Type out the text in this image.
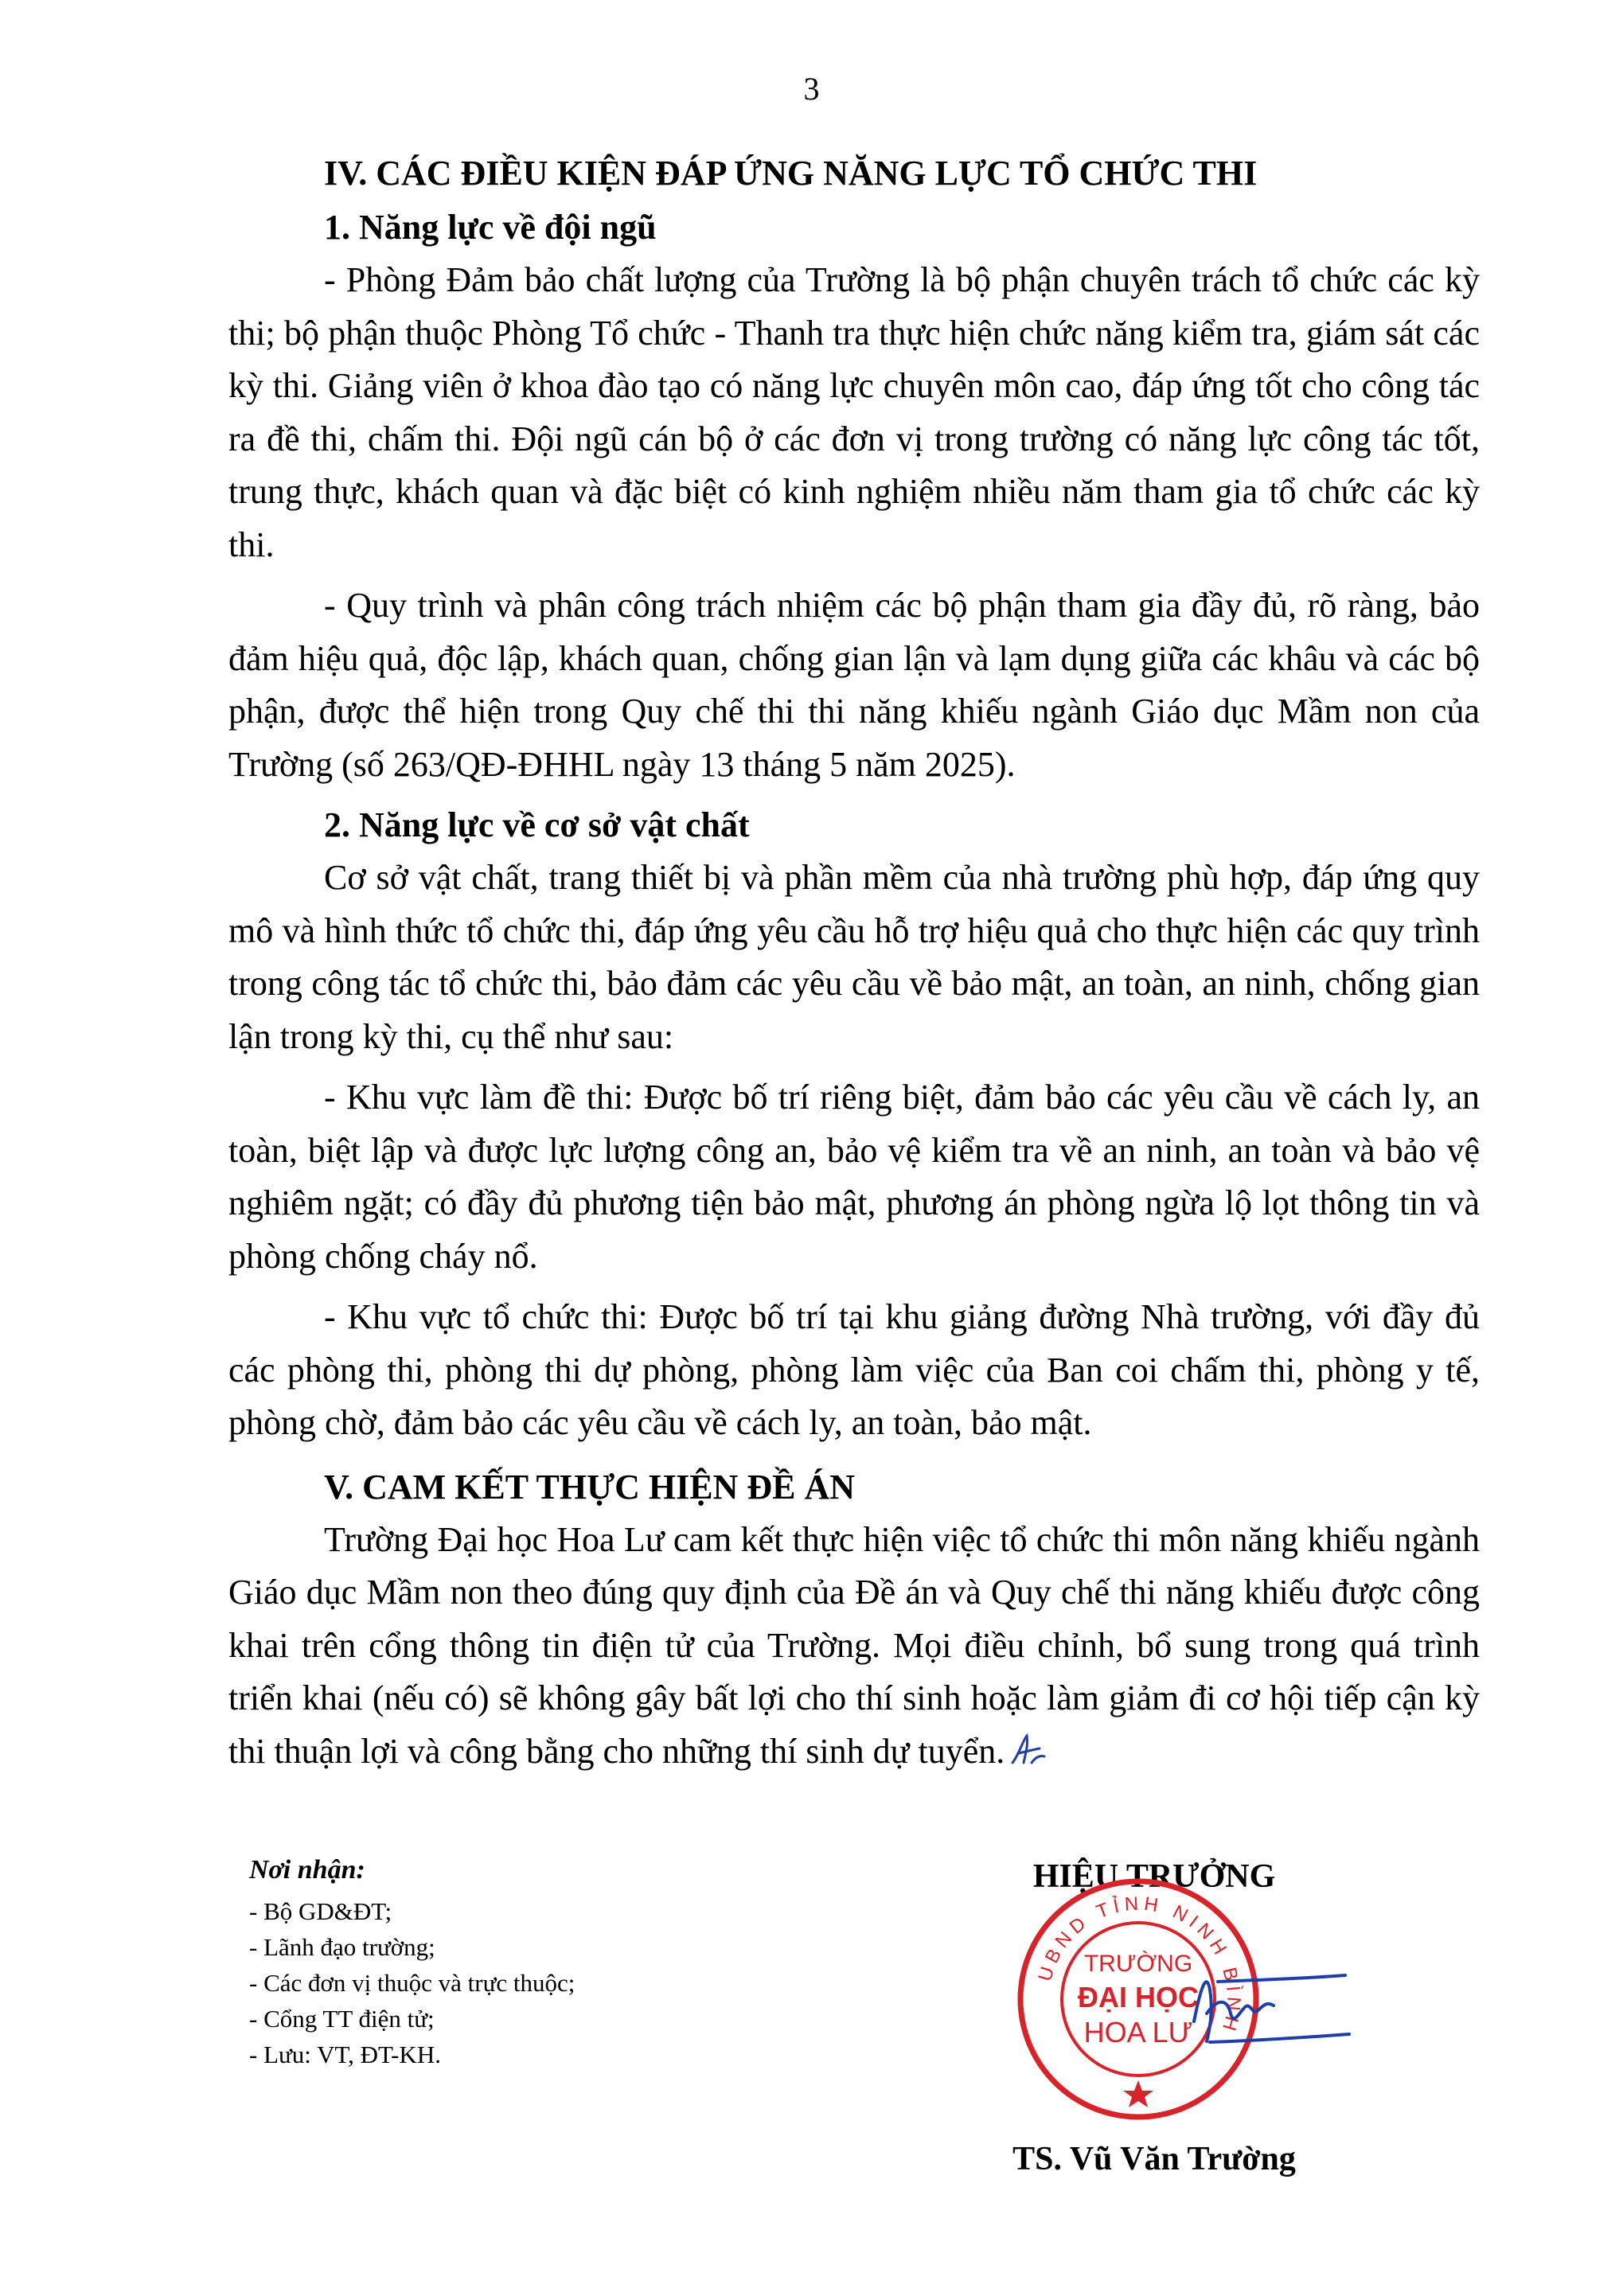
3
IV. CÁC ĐIỀU KIỆN ĐÁP ỨNG NĂNG LỰC TỔ CHỨC THI
1. Năng lực về đội ngũ

- Phòng Đảm bảo chất lượng của Trường là bộ phận chuyên trách tổ chức các kỳ thi; bộ phận thuộc Phòng Tổ chức - Thanh tra thực hiện chức năng kiểm tra, giám sát các kỳ thi. Giảng viên ở khoa đào tạo có năng lực chuyên môn cao, đáp ứng tốt cho công tác ra đề thi, chấm thi. Đội ngũ cán bộ ở các đơn vị trong trường có năng lực công tác tốt, trung thực, khách quan và đặc biệt có kinh nghiệm nhiều năm tham gia tổ chức các kỳ thi.

- Quy trình và phân công trách nhiệm các bộ phận tham gia đầy đủ, rõ ràng, bảo đảm hiệu quả, độc lập, khách quan, chống gian lận và lạm dụng giữa các khâu và các bộ phận, được thể hiện trong Quy chế thi thi năng khiếu ngành Giáo dục Mầm non của Trường (số 263/QĐ-ĐHHL ngày 13 tháng 5 năm 2025).

2. Năng lực về cơ sở vật chất

Cơ sở vật chất, trang thiết bị và phần mềm của nhà trường phù hợp, đáp ứng quy mô và hình thức tổ chức thi, đáp ứng yêu cầu hỗ trợ hiệu quả cho thực hiện các quy trình trong công tác tổ chức thi, bảo đảm các yêu cầu về bảo mật, an toàn, an ninh, chống gian lận trong kỳ thi, cụ thể như sau:

- Khu vực làm đề thi: Được bố trí riêng biệt, đảm bảo các yêu cầu về cách ly, an toàn, biệt lập và được lực lượng công an, bảo vệ kiểm tra về an ninh, an toàn và bảo vệ nghiêm ngặt; có đầy đủ phương tiện bảo mật, phương án phòng ngừa lộ lọt thông tin và phòng chống cháy nổ.

- Khu vực tổ chức thi: Được bố trí tại khu giảng đường Nhà trường, với đầy đủ các phòng thi, phòng thi dự phòng, phòng làm việc của Ban coi chấm thi, phòng y tế, phòng chờ, đảm bảo các yêu cầu về cách ly, an toàn, bảo mật.

V. CAM KẾT THỰC HIỆN ĐỀ ÁN

Trường Đại học Hoa Lư cam kết thực hiện việc tổ chức thi môn năng khiếu ngành Giáo dục Mầm non theo đúng quy định của Đề án và Quy chế thi năng khiếu được công khai trên cổng thông tin điện tử của Trường. Mọi điều chỉnh, bổ sung trong quá trình triển khai (nếu có) sẽ không gây bất lợi cho thí sinh hoặc làm giảm đi cơ hội tiếp cận kỳ thi thuận lợi và công bằng cho những thí sinh dự tuyển.

Nơi nhận:
- Bộ GD&ĐT;
- Lãnh đạo trường;
- Các đơn vị thuộc và trực thuộc;
- Cổng TT điện tử;
- Lưu: VT, ĐT-KH.
HIỆU TRƯỞNG
UBND TỈNH NINH BÌNH
TRƯỜNG
ĐẠI HỌC
HOA LƯ
TS. Vũ Văn Trường
